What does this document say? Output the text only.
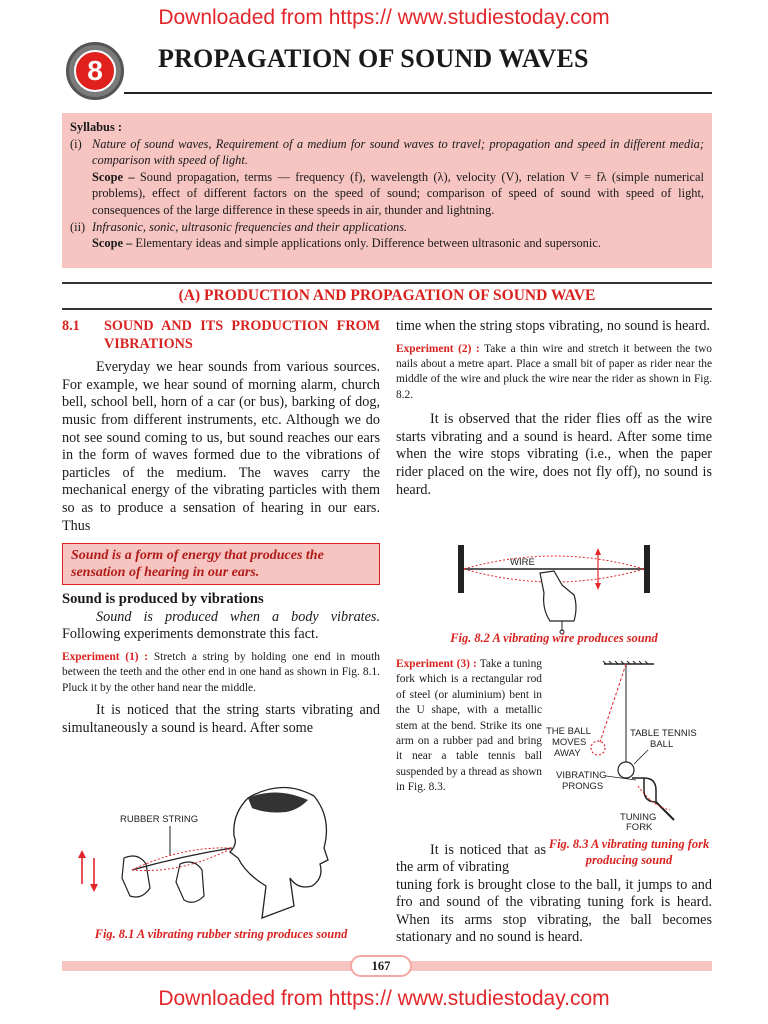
Downloaded from https:// www.studiestoday.com
8	PROPAGATION OF SOUND WAVES
Syllabus :
(i) Nature of sound waves, Requirement of a medium for sound waves to travel; propagation and speed in different media; comparison with speed of light.
Scope – Sound propagation, terms — frequency (f), wavelength (λ), velocity (V), relation V = fλ (simple numerical problems), effect of different factors on the speed of sound; comparison of speed of sound with speed of light, consequences of the large difference in these speeds in air, thunder and lightning.
(ii) Infrasonic, sonic, ultrasonic frequencies and their applications.
Scope – Elementary ideas and simple applications only. Difference between ultrasonic and supersonic.
(A) PRODUCTION AND PROPAGATION OF SOUND WAVE
8.1	SOUND AND ITS PRODUCTION FROM VIBRATIONS

Everyday we hear sounds from various sources. For example, we hear sound of morning alarm, church bell, school bell, horn of a car (or bus), barking of dog, music from different instruments, etc. Although we do not see sound coming to us, but sound reaches our ears in the form of waves formed due to the vibrations of particles of the medium. The waves carry the mechanical energy of the vibrating particles with them so as to produce a sensation of hearing in our ears. Thus

Sound is a form of energy that produces the sensation of hearing in our ears.
Sound is produced by vibrations

Sound is produced when a body vibrates. Following experiments demonstrate this fact.

Experiment (1) : Stretch a string by holding one end in mouth between the teeth and the other end in one hand as shown in Fig. 8.1. Pluck it by the other hand near the middle.

It is noticed that the string starts vibrating and simultaneously a sound is heard. After some

RUBBER STRING
Fig. 8.1 A vibrating rubber string produces sound

time when the string stops vibrating, no sound is heard.

Experiment (2) : Take a thin wire and stretch it between the two nails about a metre apart. Place a small bit of paper as rider near the middle of the wire and pluck the wire near the rider as shown in Fig. 8.2.

It is observed that the rider flies off as the wire starts vibrating and a sound is heard. After some time when the wire stops vibrating (i.e., when the paper rider placed on the wire, does not fly off), no sound is heard.

WIRE
Fig. 8.2 A vibrating wire produces sound

Experiment (3) : Take a tuning fork which is a rectangular rod of steel (or aluminium) bent in the U shape, with a metallic stem at the bend. Strike its one arm on a rubber pad and bring it near a table tennis ball suspended by a thread as shown in Fig. 8.3.

THE BALL MOVES AWAY
TABLE TENNIS BALL
VIBRATING PRONGS
TUNING FORK
Fig. 8.3 A vibrating tuning fork producing sound
It is noticed that as the arm of vibrating
tuning fork is brought close to the ball, it jumps to and fro and sound of the vibrating tuning fork is heard. When its arms stop vibrating, the ball becomes stationary and no sound is heard.
167
Downloaded from https:// www.studiestoday.com
